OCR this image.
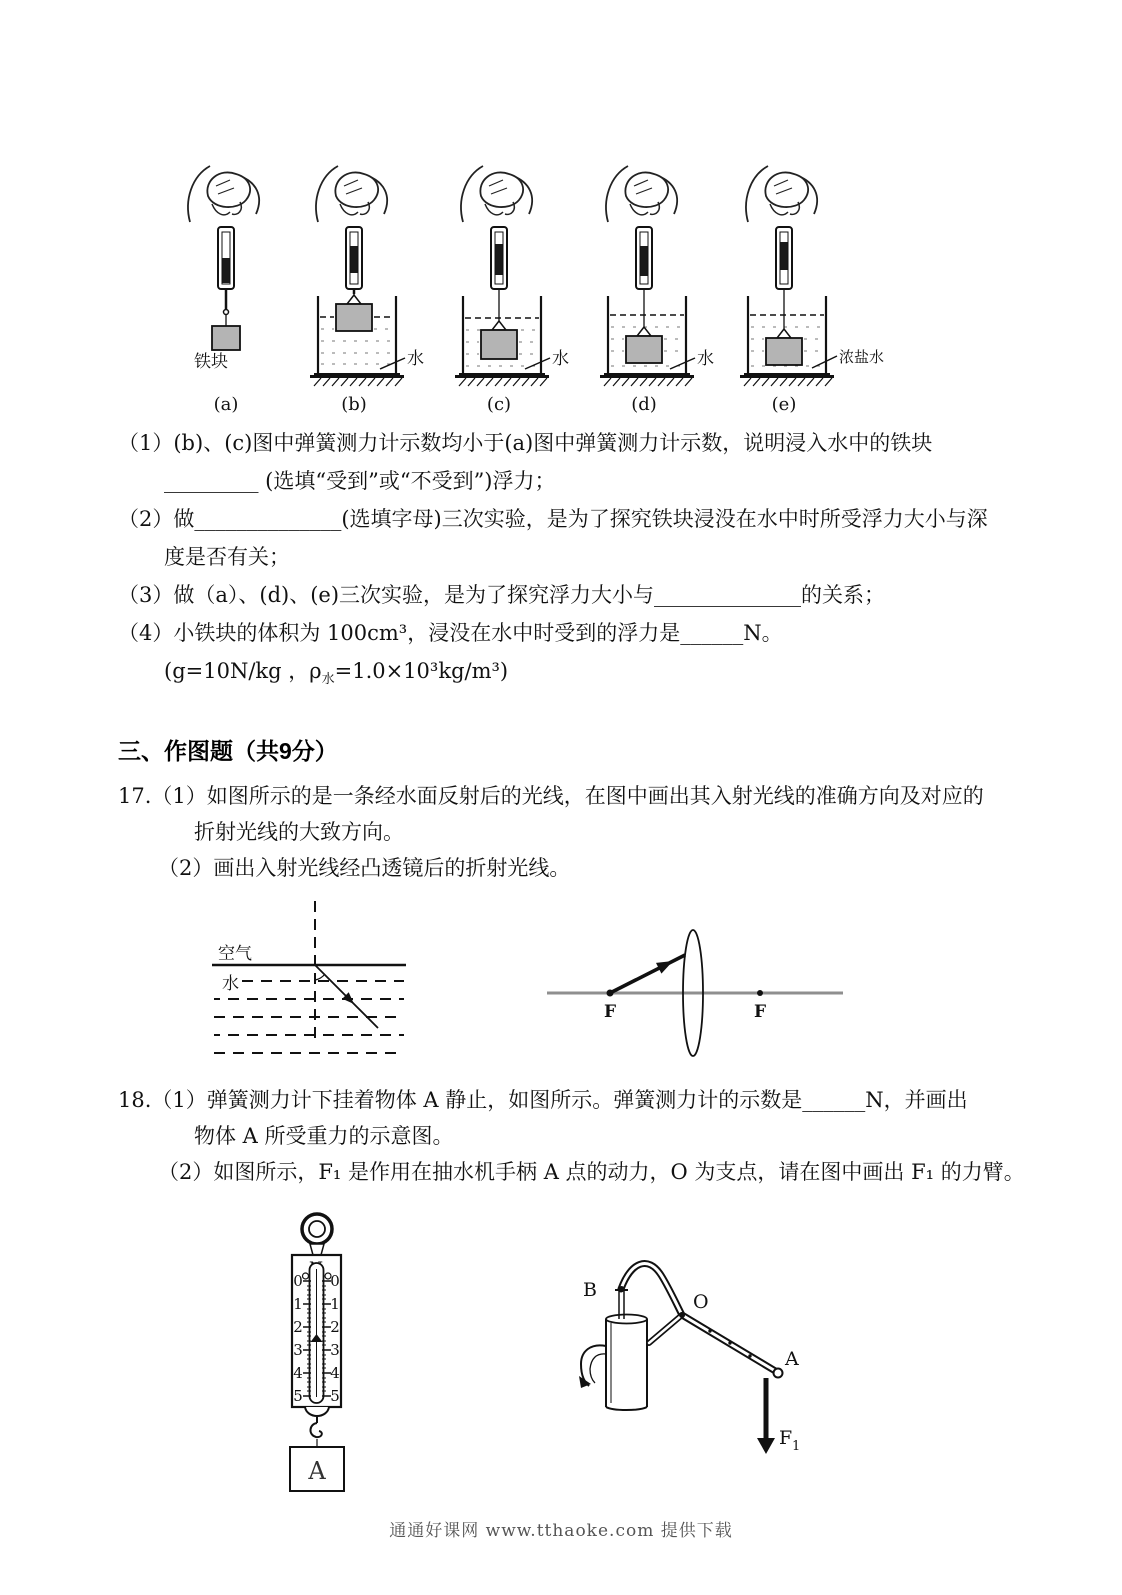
铁块
(a)
水
(b)
水
(c)
水
(d)
浓盐水
(e)
（1）(b)、(c)图中弹簧测力计示数均小于(a)图中弹簧测力计示数，说明浸入水中的铁块
_________ (选填“受到”或“不受到”)浮力；
（2）做______________(选填字母)三次实验，是为了探究铁块浸没在水中时所受浮力大小与深
度是否有关；
（3）做（a）、(d)、(e)三次实验，是为了探究浮力大小与______________的关系；
（4）小铁块的体积为 100cm³，浸没在水中时受到的浮力是______N。
(g=10N/kg ，$\rho_水=1.0\times 10^3kg/m^3$)
三、作图题（共9分）
17.（1）如图所示的是一条经水面反射后的光线，在图中画出其入射光线的准确方向及对应的
折射光线的大致方向。
（2）画出入射光线经凸透镜后的折射光线。
空气
水
F	F
18.（1）弹簧测力计下挂着物体 A 静止，如图所示。弹簧测力计的示数是______N，并画出
物体 A 所受重力的示意图。
（2）如图所示，F₁ 是作用在抽水机手柄 A 点的动力，O 为支点，请在图中画出 F₁ 的力臂。
0
1
2
3
4
5
0
1
2
3
4
5
A
B
O
A
F 1
通通好课网 www.tthaoke.com 提供下载
